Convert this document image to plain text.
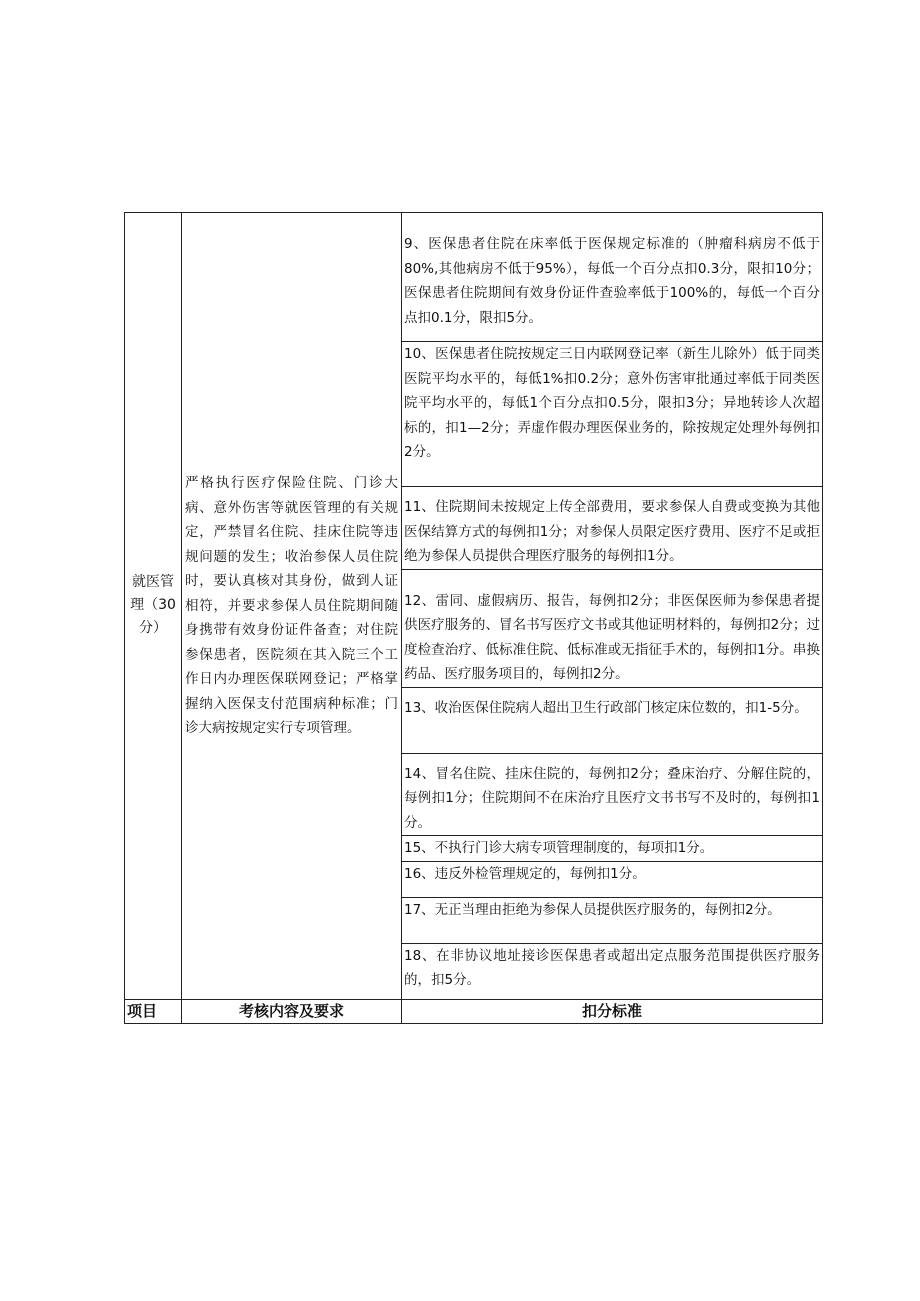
就医管理（30分）	严格执行医疗保险住院、门诊大病、意外伤害等就医管理的有关规定，严禁冒名住院、挂床住院等违规问题的发生；收治参保人员住院时，要认真核对其身份，做到人证相符，并要求参保人员住院期间随身携带有效身份证件备查；对住院参保患者，医院须在其入院三个工作日内办理医保联网登记；严格掌握纳入医保支付范围病种标准；门诊大病按规定实行专项管理。	9、医保患者住院在床率低于医保规定标准的（肿瘤科病房不低于80%,其他病房不低于95%），每低一个百分点扣0.3分，限扣10分；医保患者住院期间有效身份证件查验率低于100%的，每低一个百分点扣0.1分，限扣5分。
		10、医保患者住院按规定三日内联网登记率（新生儿除外）低于同类医院平均水平的，每低1%扣0.2分；意外伤害审批通过率低于同类医院平均水平的，每低1个百分点扣0.5分，限扣3分；异地转诊人次超标的，扣1—2分；弄虚作假办理医保业务的，除按规定处理外每例扣2分。
		11、住院期间未按规定上传全部费用，要求参保人自费或变换为其他医保结算方式的每例扣1分；对参保人员限定医疗费用、医疗不足或拒绝为参保人员提供合理医疗服务的每例扣1分。
		12、雷同、虚假病历、报告，每例扣2分；非医保医师为参保患者提供医疗服务的、冒名书写医疗文书或其他证明材料的，每例扣2分；过度检查治疗、低标准住院、低标准或无指征手术的，每例扣1分。串换药品、医疗服务项目的，每例扣2分。
		13、收治医保住院病人超出卫生行政部门核定床位数的，扣1-5分。
		14、冒名住院、挂床住院的，每例扣2分；叠床治疗、分解住院的，每例扣1分；住院期间不在床治疗且医疗文书书写不及时的，每例扣1分。
		15、不执行门诊大病专项管理制度的，每项扣1分。
		16、违反外检管理规定的，每例扣1分。
		17、无正当理由拒绝为参保人员提供医疗服务的，每例扣2分。
		18、在非协议地址接诊医保患者或超出定点服务范围提供医疗服务的，扣5分。
项目	考核内容及要求	扣分标准
